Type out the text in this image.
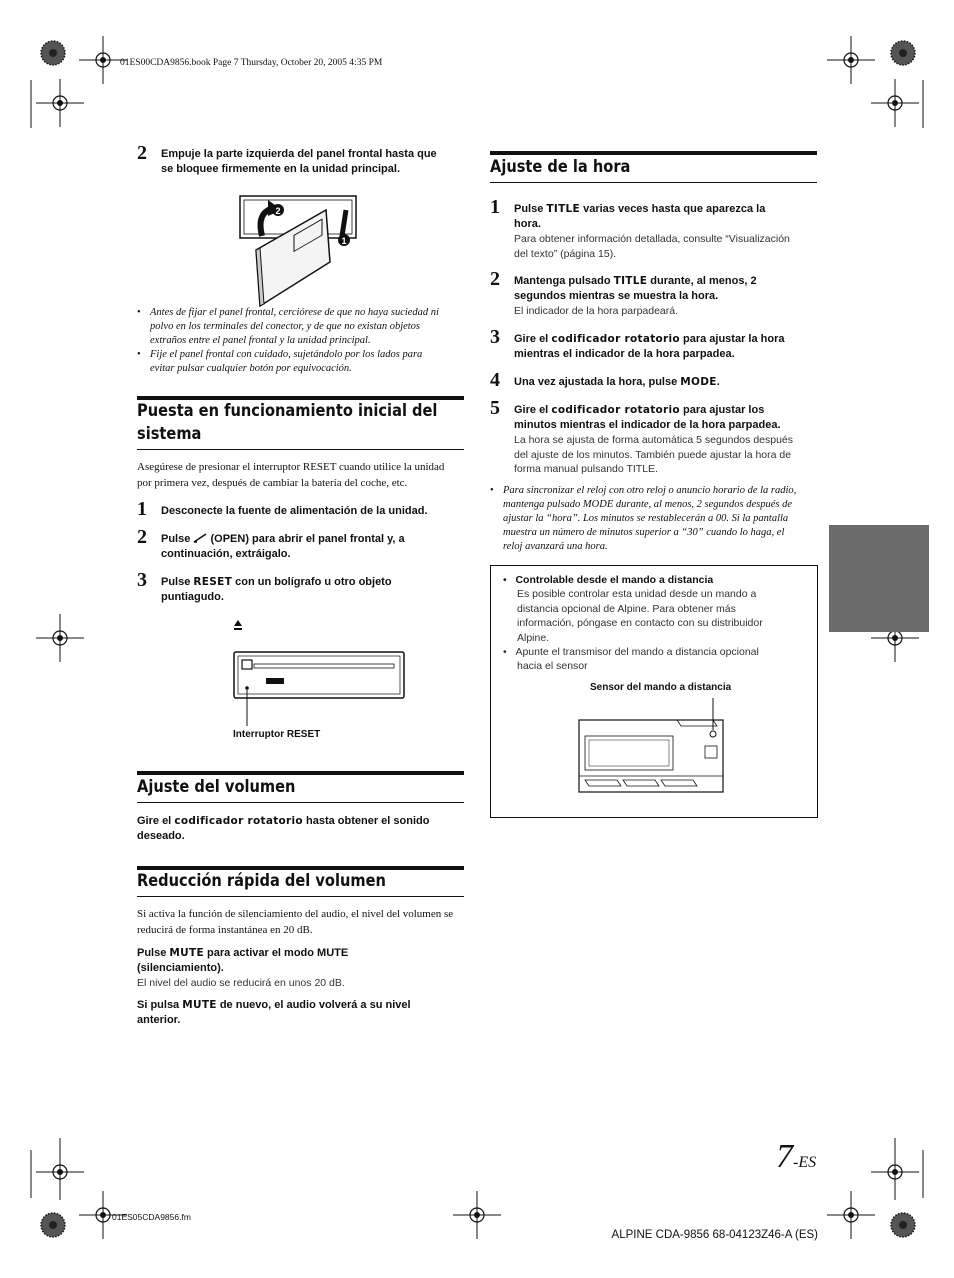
01ES00CDA9856.book Page 7 Thursday, October 20, 2005 4:35 PM
2 Empuje la parte izquierda del panel frontal hasta que
se bloquee firmemente en la unidad principal.
2
1
• Antes de fijar el panel frontal, cerciórese de que no haya suciedad ni
polvo en los terminales del conector, y de que no existan objetos
extraños entre el panel frontal y la unidad principal.
• Fije el panel frontal con cuidado, sujetándolo por los lados para
evitar pulsar cualquier botón por equivocación.
Puesta en funcionamiento inicial del
sistema
Asegúrese de presionar el interruptor RESET cuando utilice la unidad
por primera vez, después de cambiar la batería del coche, etc.
1 Desconecte la fuente de alimentación de la unidad.
2 Pulse (OPEN) para abrir el panel frontal y, a
continuación, extráigalo.
3 Pulse RESET con un bolígrafo u otro objeto
puntiagudo.
Interruptor RESET
Ajuste del volumen
Gire el codificador rotatorio hasta obtener el sonido
deseado.
Reducción rápida del volumen
Si activa la función de silenciamiento del audio, el nivel del volumen se
reducirá de forma instantánea en 20 dB.
Pulse MUTE para activar el modo MUTE
(silenciamiento).
El nivel del audio se reducirá en unos 20 dB.
Si pulsa MUTE de nuevo, el audio volverá a su nivel
anterior.
Ajuste de la hora
1 Pulse TITLE varias veces hasta que aparezca la
hora.
Para obtener información detallada, consulte “Visualización
del texto” (página 15).
2 Mantenga pulsado TITLE durante, al menos, 2
segundos mientras se muestra la hora.
El indicador de la hora parpadeará.
3 Gire el codificador rotatorio para ajustar la hora
mientras el indicador de la hora parpadea.
4 Una vez ajustada la hora, pulse MODE.
5 Gire el codificador rotatorio para ajustar los
minutos mientras el indicador de la hora parpadea.
La hora se ajusta de forma automática 5 segundos después
del ajuste de los minutos. También puede ajustar la hora de
forma manual pulsando TITLE.
• Para sincronizar el reloj con otro reloj o anuncio horario de la radio,
mantenga pulsado MODE durante, al menos, 2 segundos después de
ajustar la “hora”. Los minutos se restablecerán a 00. Si la pantalla
muestra un número de minutos superior a “30” cuando lo haga, el
reloj avanzará una hora.
• Controlable desde el mando a distancia
Es posible controlar esta unidad desde un mando a
distancia opcional de Alpine. Para obtener más
información, póngase en contacto con su distribuidor
Alpine.
• Apunte el transmisor del mando a distancia opcional
hacia el sensor
Sensor del mando a distancia
7-ES
01ES05CDA9856.fm
ALPINE CDA-9856 68-04123Z46-A (ES)
